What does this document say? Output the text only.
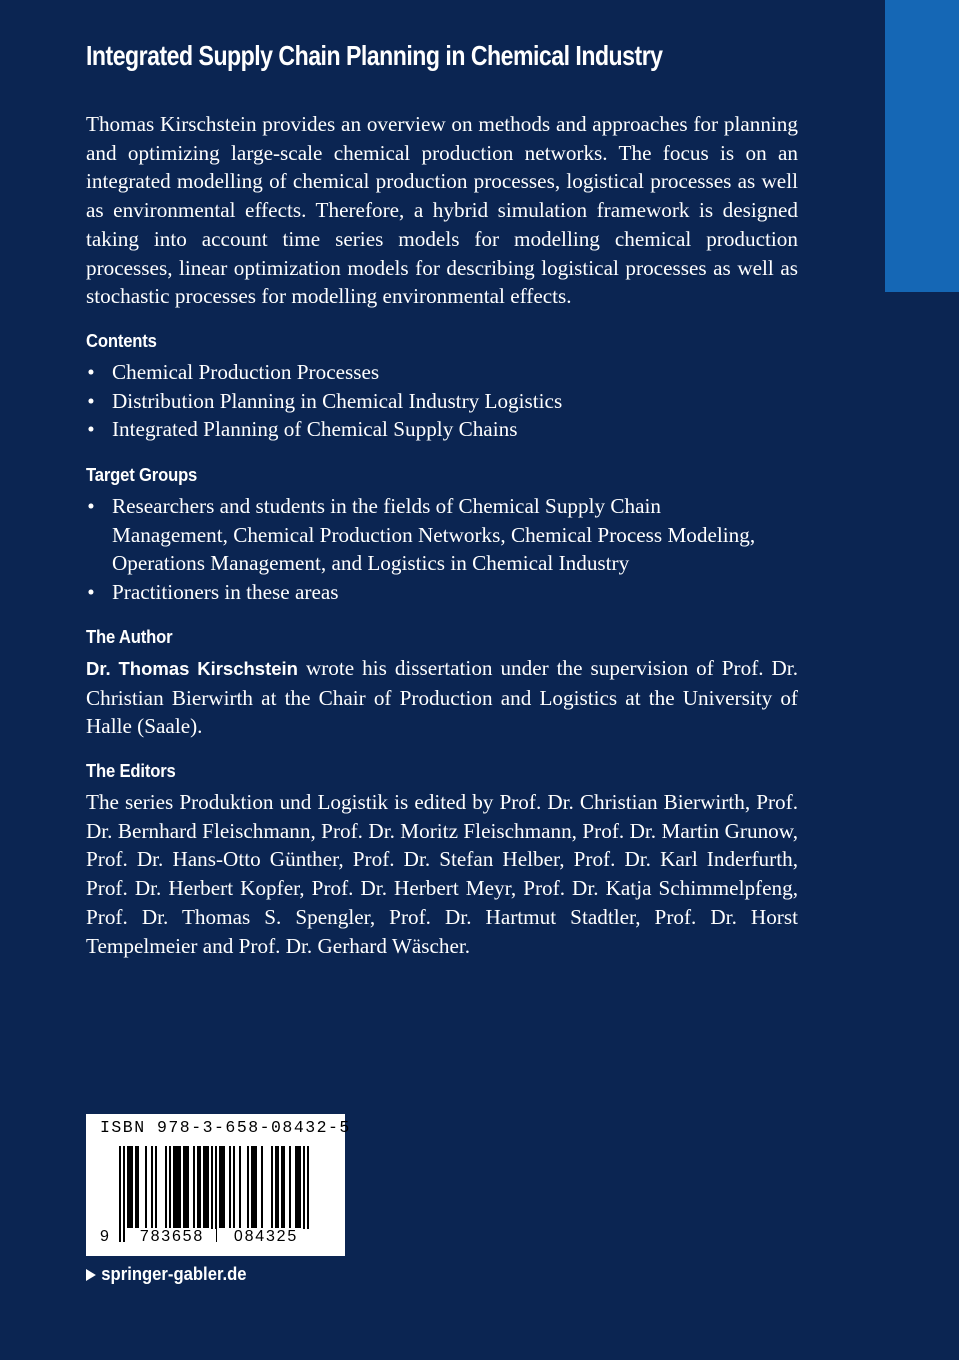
Integrated Supply Chain Planning in Chemical Industry

Thomas Kirschstein provides an overview on methods and approaches for planning and optimizing large-scale chemical production networks. The focus is on an integrated modelling of chemical production processes, logistical processes as well as environmental effects. Therefore, a hybrid simulation framework is designed taking into account time series models for modelling chemical production processes, linear optimization models for describing logistical processes as well as stochastic processes for modelling environmental effects.

Contents
• Chemical Production Processes
• Distribution Planning in Chemical Industry Logistics
• Integrated Planning of Chemical Supply Chains
Target Groups
• Researchers and students in the fields of Chemical Supply Chain Management, Chemical Production Networks, Chemical Process Modeling, Operations Management, and Logistics in Chemical Industry
• Practitioners in these areas
The Author

Dr. Thomas Kirschstein wrote his dissertation under the supervision of Prof. Dr. Christian Bierwirth at the Chair of Production and Logistics at the University of Halle (Saale).

The Editors

The series Produktion und Logistik is edited by Prof. Dr. Christian Bierwirth, Prof. Dr. Bernhard Fleischmann, Prof. Dr. Moritz Fleischmann, Prof. Dr. Martin Grunow, Prof. Dr. Hans-Otto Günther, Prof. Dr. Stefan Helber, Prof. Dr. Karl Inderfurth, Prof. Dr. Herbert Kopfer, Prof. Dr. Herbert Meyr, Prof. Dr. Katja Schimmelpfeng, Prof. Dr. Thomas S. Spengler, Prof. Dr. Hartmut Stadtler, Prof. Dr. Horst Tempelmeier and Prof. Dr. Gerhard Wäscher.

ISBN 978-3-658-08432-5
9	783658	084325
springer-gabler.de
